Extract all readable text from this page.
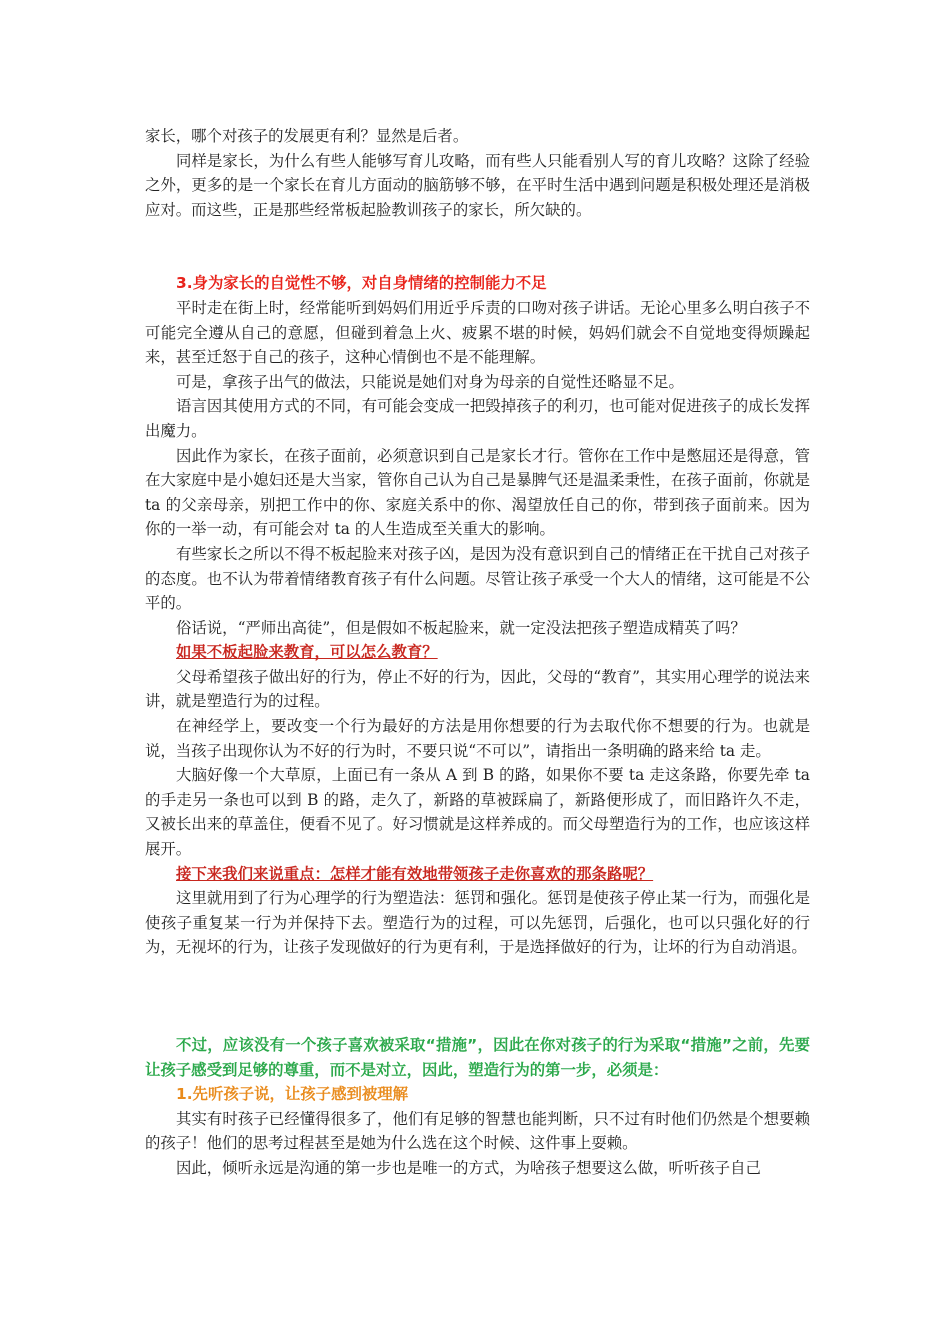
家长，哪个对孩子的发展更有利？显然是后者。

同样是家长，为什么有些人能够写育儿攻略，而有些人只能看别人写的育儿攻略？这除了经验之外，更多的是一个家长在育儿方面动的脑筋够不够，在平时生活中遇到问题是积极处理还是消极应对。而这些，正是那些经常板起脸教训孩子的家长，所欠缺的。

3.身为家长的自觉性不够，对自身情绪的控制能力不足

平时走在街上时，经常能听到妈妈们用近乎斥责的口吻对孩子讲话。无论心里多么明白孩子不可能完全遵从自己的意愿，但碰到着急上火、疲累不堪的时候，妈妈们就会不自觉地变得烦躁起来，甚至迁怒于自己的孩子，这种心情倒也不是不能理解。

可是，拿孩子出气的做法，只能说是她们对身为母亲的自觉性还略显不足。

语言因其使用方式的不同，有可能会变成一把毁掉孩子的利刃，也可能对促进孩子的成长发挥出魔力。

因此作为家长，在孩子面前，必须意识到自己是家长才行。管你在工作中是憋屈还是得意，管在大家庭中是小媳妇还是大当家，管你自己认为自己是暴脾气还是温柔秉性，在孩子面前，你就是 ta 的父亲母亲，别把工作中的你、家庭关系中的你、渴望放任自己的你，带到孩子面前来。因为你的一举一动，有可能会对 ta 的人生造成至关重大的影响。

有些家长之所以不得不板起脸来对孩子凶，是因为没有意识到自己的情绪正在干扰自己对孩子的态度。也不认为带着情绪教育孩子有什么问题。尽管让孩子承受一个大人的情绪，这可能是不公平的。

俗话说，“严师出高徒”，但是假如不板起脸来，就一定没法把孩子塑造成精英了吗？

如果不板起脸来教育，可以怎么教育？

父母希望孩子做出好的行为，停止不好的行为，因此，父母的“教育”，其实用心理学的说法来讲，就是塑造行为的过程。

在神经学上，要改变一个行为最好的方法是用你想要的行为去取代你不想要的行为。也就是说，当孩子出现你认为不好的行为时，不要只说“不可以”，请指出一条明确的路来给 ta 走。

大脑好像一个大草原，上面已有一条从 A 到 B 的路，如果你不要 ta 走这条路，你要先牵 ta 的手走另一条也可以到 B 的路，走久了，新路的草被踩扁了，新路便形成了，而旧路许久不走，又被长出来的草盖住，便看不见了。好习惯就是这样养成的。而父母塑造行为的工作，也应该这样展开。

接下来我们来说重点：怎样才能有效地带领孩子走你喜欢的那条路呢？

这里就用到了行为心理学的行为塑造法：惩罚和强化。惩罚是使孩子停止某一行为，而强化是使孩子重复某一行为并保持下去。塑造行为的过程，可以先惩罚，后强化，也可以只强化好的行为，无视坏的行为，让孩子发现做好的行为更有利，于是选择做好的行为，让坏的行为自动消退。

不过，应该没有一个孩子喜欢被采取“措施”，因此在你对孩子的行为采取“措施”之前，先要让孩子感受到足够的尊重，而不是对立，因此，塑造行为的第一步，必须是：

1.先听孩子说，让孩子感到被理解

其实有时孩子已经懂得很多了，他们有足够的智慧也能判断，只不过有时他们仍然是个想要赖的孩子！他们的思考过程甚至是她为什么选在这个时候、这件事上耍赖。

因此，倾听永远是沟通的第一步也是唯一的方式，为啥孩子想要这么做，听听孩子自己
